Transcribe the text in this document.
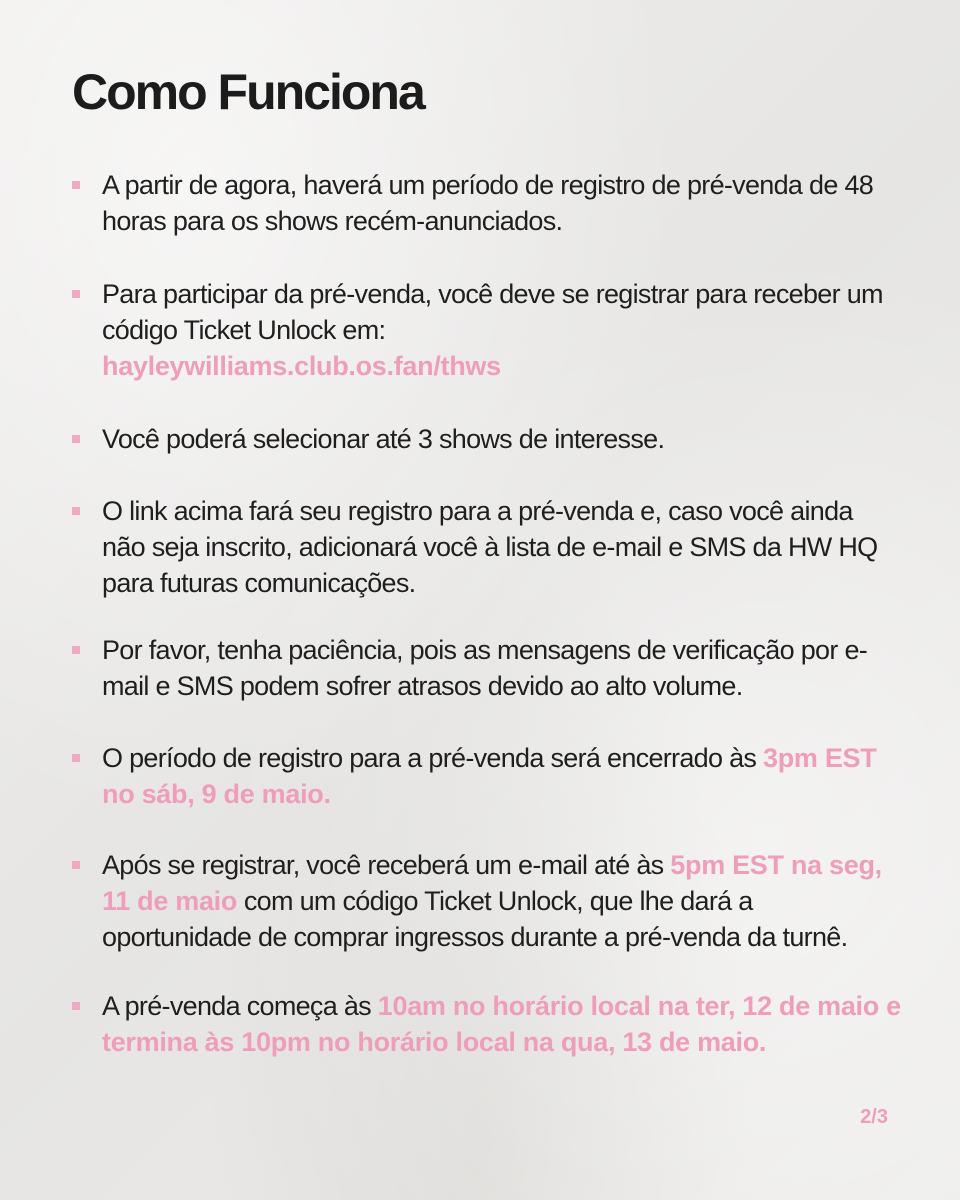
Como Funciona
A partir de agora, haverá um período de registro de pré-venda de 48 horas para os shows recém-anunciados.
Para participar da pré-venda, você deve se registrar para receber um código Ticket Unlock em:
hayleywilliams.club.os.fan/thws
Você poderá selecionar até 3 shows de interesse.
O link acima fará seu registro para a pré-venda e, caso você ainda não seja inscrito, adicionará você à lista de e-mail e SMS da HW HQ para futuras comunicações.
Por favor, tenha paciência, pois as mensagens de verificação por e-mail e SMS podem sofrer atrasos devido ao alto volume.
O período de registro para a pré-venda será encerrado às 3pm EST no sáb, 9 de maio.
Após se registrar, você receberá um e-mail até às 5pm EST na seg, 11 de maio com um código Ticket Unlock, que lhe dará a oportunidade de comprar ingressos durante a pré-venda da turnê.
A pré-venda começa às 10am no horário local na ter, 12 de maio e termina às 10pm no horário local na qua, 13 de maio.
2/3
